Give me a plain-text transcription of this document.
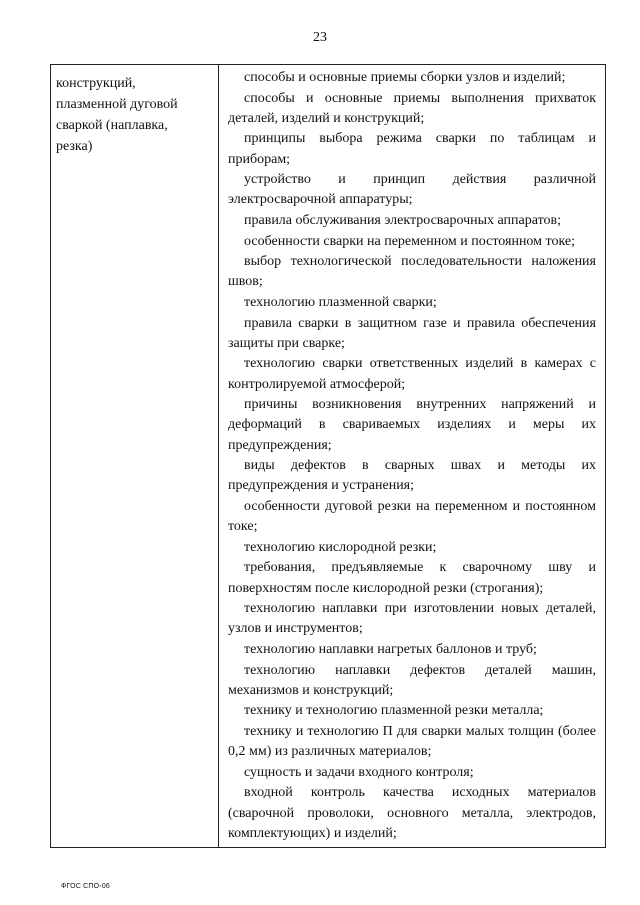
23
конструкций,
плазменной дуговой
сваркой (наплавка,
резка)

способы и основные приемы сборки узлов и изделий;

способы и основные приемы выполнения прихваток деталей, изделий и конструкций;

принципы выбора режима сварки по таблицам и приборам;

устройство и принцип действия различной электросварочной аппаратуры;

правила обслуживания электросварочных аппаратов;

особенности сварки на переменном и постоянном токе;

выбор технологической последовательности наложения швов;

технологию плазменной сварки;

правила сварки в защитном газе и правила обеспечения защиты при сварке;

технологию сварки ответственных изделий в камерах с контролируемой атмосферой;

причины возникновения внутренних напряжений и деформаций в свариваемых изделиях и меры их предупреждения;

виды дефектов в сварных швах и методы их предупреждения и устранения;

особенности дуговой резки на переменном и постоянном токе;

технологию кислородной резки;

требования, предъявляемые к сварочному шву и поверхностям после кислородной резки (строгания);

технологию наплавки при изготовлении новых деталей, узлов и инструментов;

технологию наплавки нагретых баллонов и труб;

технологию наплавки дефектов деталей машин, механизмов и конструкций;

технику и технологию плазменной резки металла;

технику и технологию П для сварки малых толщин (более 0,2 мм) из различных материалов;

сущность и задачи входного контроля;

входной контроль качества исходных материалов (сварочной проволоки, основного металла, электродов, комплектующих) и изделий;

ФГОС СПО-06
